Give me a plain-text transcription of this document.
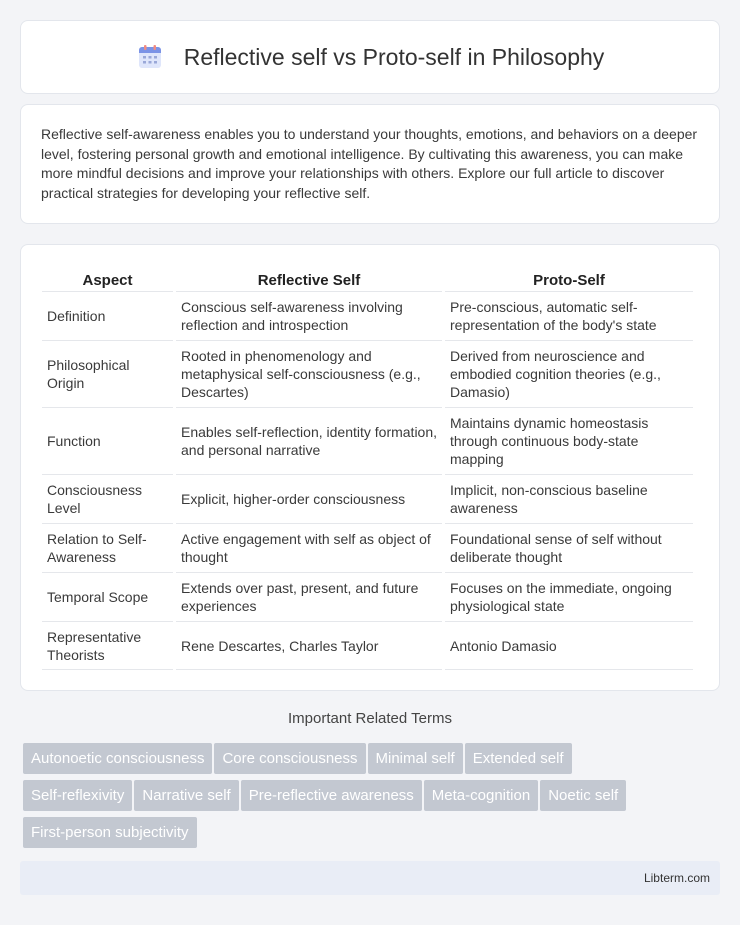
Reflective self vs Proto-self in Philosophy

Reflective self-awareness enables you to understand your thoughts, emotions, and behaviors on a deeper level, fostering personal growth and emotional intelligence. By cultivating this awareness, you can make more mindful decisions and improve your relationships with others. Explore our full article to discover practical strategies for developing your reflective self.

Aspect	Reflective Self	Proto-Self
Definition	Conscious self-awareness involving reflection and introspection	Pre-conscious, automatic self-representation of the body's state
Philosophical Origin	Rooted in phenomenology and metaphysical self-consciousness (e.g., Descartes)	Derived from neuroscience and embodied cognition theories (e.g., Damasio)
Function	Enables self-reflection, identity formation, and personal narrative	Maintains dynamic homeostasis through continuous body-state mapping
Consciousness Level	Explicit, higher-order consciousness	Implicit, non-conscious baseline awareness
Relation to Self-Awareness	Active engagement with self as object of thought	Foundational sense of self without deliberate thought
Temporal Scope	Extends over past, present, and future experiences	Focuses on the immediate, ongoing physiological state
Representative Theorists	Rene Descartes, Charles Taylor	Antonio Damasio
Important Related Terms
Autonoetic consciousness Core consciousness Minimal self Extended self
Self-reflexivity Narrative self Pre-reflective awareness Meta-cognition Noetic self
First-person subjectivity
Libterm.com
